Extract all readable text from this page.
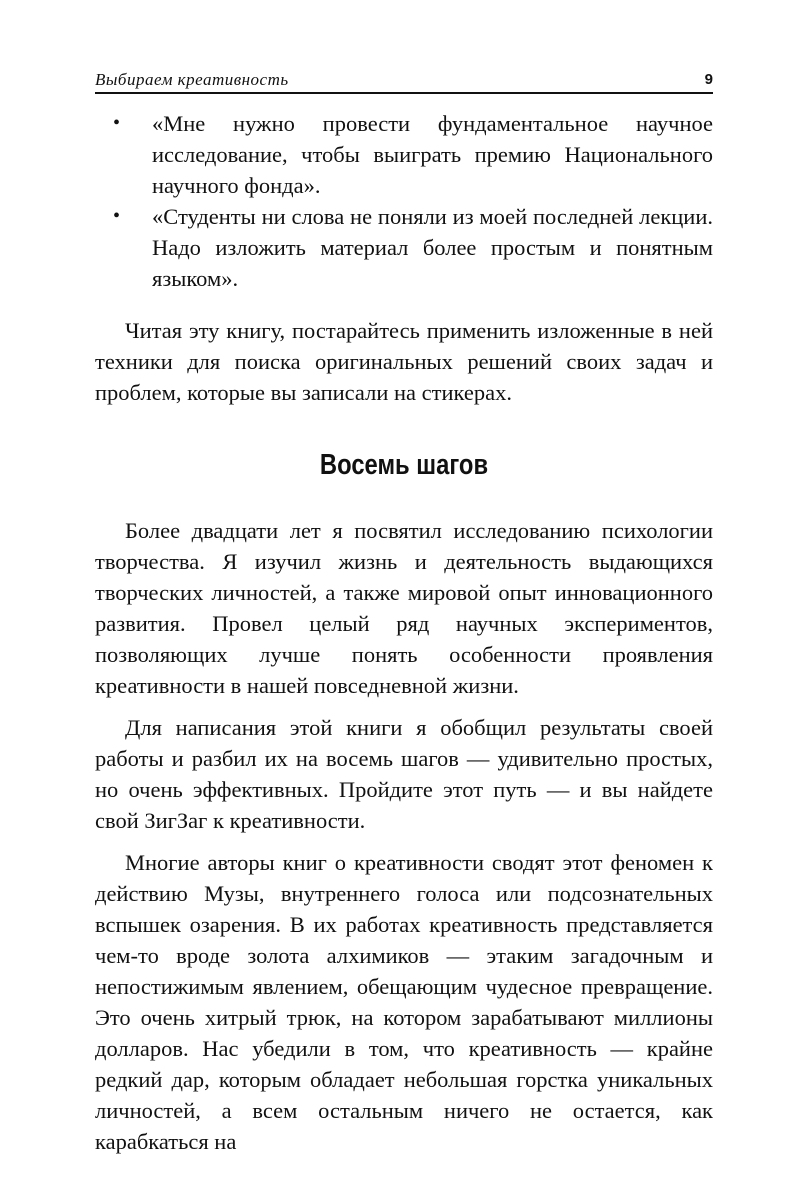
Выбираем креативность	9
• «Мне нужно провести фундаментальное научное исследование, чтобы выиграть премию Национального научного фонда».
• «Студенты ни слова не поняли из моей последней лекции. Надо изложить материал более простым и понятным языком».

Читая эту книгу, постарайтесь применить изложенные в ней техники для поиска оригинальных решений своих задач и проблем, которые вы записали на стикерах.

Восемь шагов

Более двадцати лет я посвятил исследованию психологии творчества. Я изучил жизнь и деятельность выдающихся творческих личностей, а также мировой опыт инновационного развития. Провел целый ряд научных экспериментов, позволяющих лучше понять особенности проявления креативности в нашей повседневной жизни.

Для написания этой книги я обобщил результаты своей работы и разбил их на восемь шагов — удивительно простых, но очень эффективных. Пройдите этот путь — и вы найдете свой ЗигЗаг к креативности.

Многие авторы книг о креативности сводят этот феномен к действию Музы, внутреннего голоса или подсознательных вспышек озарения. В их работах креативность представляется чем-то вроде золота алхимиков — этаким загадочным и непостижимым явлением, обещающим чудесное превращение. Это очень хитрый трюк, на котором зарабатывают миллионы долларов. Нас убедили в том, что креативность — крайне редкий дар, которым обладает небольшая горстка уникальных личностей, а всем остальным ничего не остается, как карабкаться на
